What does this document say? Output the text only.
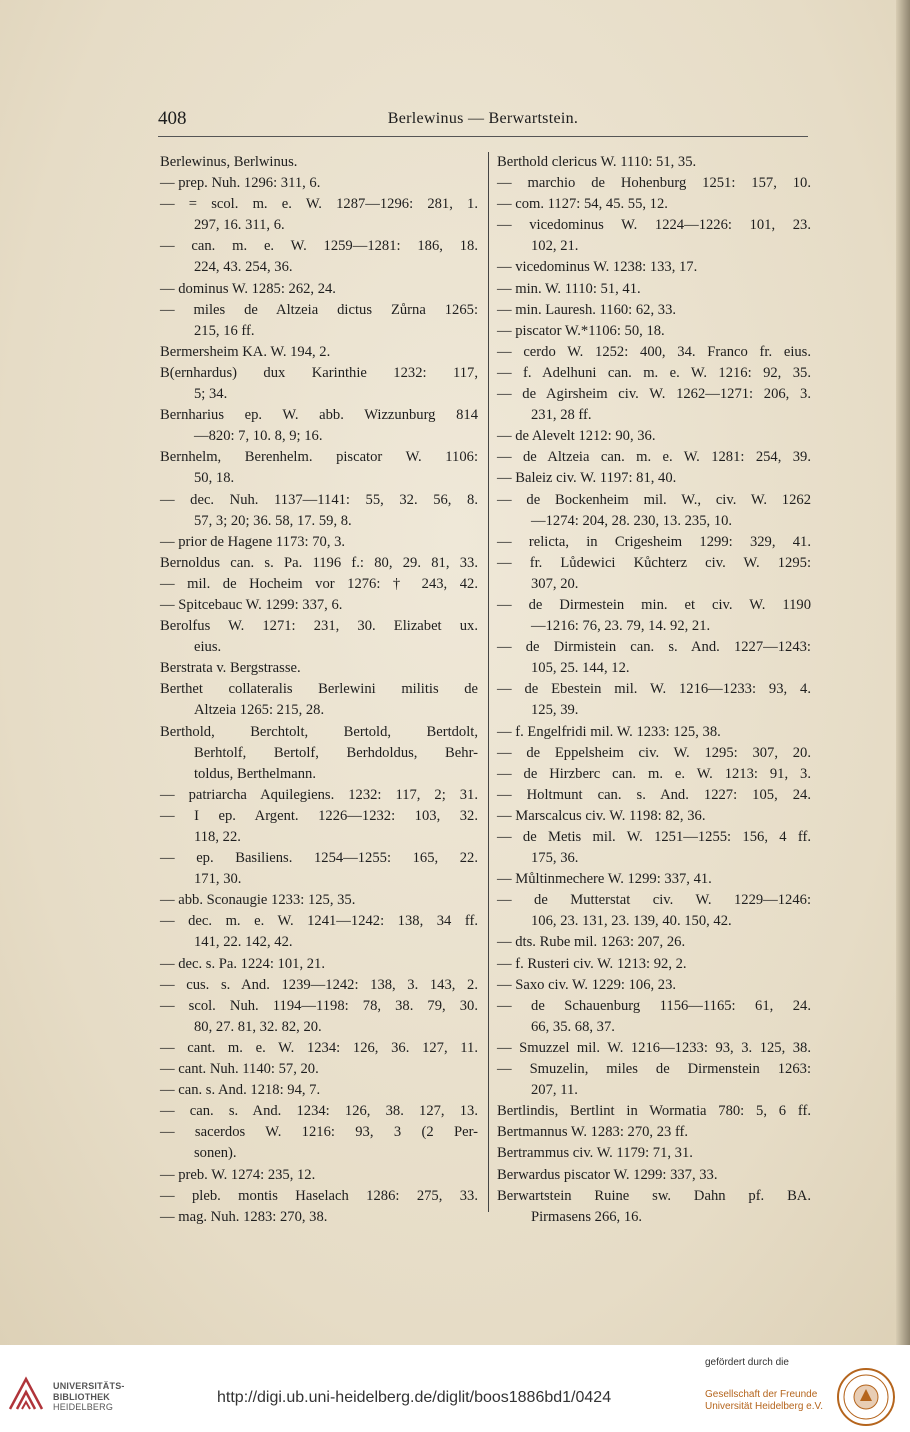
408	Berlewinus — Berwartstein.
Berlewinus, Berlwinus.
— prep. Nuh. 1296: 311, 6.
— = scol. m. e. W. 1287—1296: 281, 1.
297, 16. 311, 6.
— can. m. e. W. 1259—1281: 186, 18.
224, 43. 254, 36.
— dominus W. 1285: 262, 24.
— miles de Altzeia dictus Zůrna 1265:
215, 16 ff.
Bermersheim KA. W. 194, 2.
B(ernhardus) dux Karinthie 1232: 117,
5; 34.
Bernharius ep. W. abb. Wizzunburg 814
—820: 7, 10. 8, 9; 16.
Bernhelm, Berenhelm. piscator W. 1106:
50, 18.
— dec. Nuh. 1137—1141: 55, 32. 56, 8.
57, 3; 20; 36. 58, 17. 59, 8.
— prior de Hagene 1173: 70, 3.
Bernoldus can. s. Pa. 1196 f.: 80, 29. 81, 33.
— mil. de Hocheim vor 1276: † 243, 42.
— Spitcebauc W. 1299: 337, 6.
Berolfus W. 1271: 231, 30. Elizabet ux.
eius.
Berstrata v. Bergstrasse.
Berthet collateralis Berlewini militis de
Altzeia 1265: 215, 28.
Berthold, Berchtolt, Bertold, Bertdolt,
Berhtolf, Bertolf, Berhdoldus, Behr-
toldus, Berthelmann.
— patriarcha Aquilegiens. 1232: 117, 2; 31.
— I ep. Argent. 1226—1232: 103, 32.
118, 22.
— ep. Basiliens. 1254—1255: 165, 22.
171, 30.
— abb. Sconaugie 1233: 125, 35.
— dec. m. e. W. 1241—1242: 138, 34 ff.
141, 22. 142, 42.
— dec. s. Pa. 1224: 101, 21.
— cus. s. And. 1239—1242: 138, 3. 143, 2.
— scol. Nuh. 1194—1198: 78, 38. 79, 30.
80, 27. 81, 32. 82, 20.
— cant. m. e. W. 1234: 126, 36. 127, 11.
— cant. Nuh. 1140: 57, 20.
— can. s. And. 1218: 94, 7.
— can. s. And. 1234: 126, 38. 127, 13.
— sacerdos W. 1216: 93, 3 (2 Per-
sonen).
— preb. W. 1274: 235, 12.
— pleb. montis Haselach 1286: 275, 33.
— mag. Nuh. 1283: 270, 38.
Berthold clericus W. 1110: 51, 35.
— marchio de Hohenburg 1251: 157, 10.
— com. 1127: 54, 45. 55, 12.
— vicedominus W. 1224—1226: 101, 23.
102, 21.
— vicedominus W. 1238: 133, 17.
— min. W. 1110: 51, 41.
— min. Lauresh. 1160: 62, 33.
— piscator W.*1106: 50, 18.
— cerdo W. 1252: 400, 34. Franco fr. eius.
— f. Adelhuni can. m. e. W. 1216: 92, 35.
— de Agirsheim civ. W. 1262—1271: 206, 3.
231, 28 ff.
— de Alevelt 1212: 90, 36.
— de Altzeia can. m. e. W. 1281: 254, 39.
— Baleiz civ. W. 1197: 81, 40.
— de Bockenheim mil. W., civ. W. 1262
—1274: 204, 28. 230, 13. 235, 10.
— relicta, in Crigesheim 1299: 329, 41.
— fr. Lůdewici Kůchterz civ. W. 1295:
307, 20.
— de Dirmestein min. et civ. W. 1190
—1216: 76, 23. 79, 14. 92, 21.
— de Dirmistein can. s. And. 1227—1243:
105, 25. 144, 12.
— de Ebestein mil. W. 1216—1233: 93, 4.
125, 39.
— f. Engelfridi mil. W. 1233: 125, 38.
— de Eppelsheim civ. W. 1295: 307, 20.
— de Hirzberc can. m. e. W. 1213: 91, 3.
— Holtmunt can. s. And. 1227: 105, 24.
— Marscalcus civ. W. 1198: 82, 36.
— de Metis mil. W. 1251—1255: 156, 4 ff.
175, 36.
— Můltinmechere W. 1299: 337, 41.
— de Mutterstat civ. W. 1229—1246:
106, 23. 131, 23. 139, 40. 150, 42.
— dts. Rube mil. 1263: 207, 26.
— f. Rusteri civ. W. 1213: 92, 2.
— Saxo civ. W. 1229: 106, 23.
— de Schauenburg 1156—1165: 61, 24.
66, 35. 68, 37.
— Smuzzel mil. W. 1216—1233: 93, 3. 125, 38.
— Smuzelin, miles de Dirmenstein 1263:
207, 11.
Bertlindis, Bertlint in Wormatia 780: 5, 6 ff.
Bertmannus W. 1283: 270, 23 ff.
Bertrammus civ. W. 1179: 71, 31.
Berwardus piscator W. 1299: 337, 33.
Berwartstein Ruine sw. Dahn pf. BA.
Pirmasens 266, 16.
UNIVERSITÄTS-
BIBLIOTHEK
HEIDELBERG
http://digi.ub.uni-heidelberg.de/diglit/boos1886bd1/0424
gefördert durch die
Gesellschaft der Freunde
Universität Heidelberg e.V.
